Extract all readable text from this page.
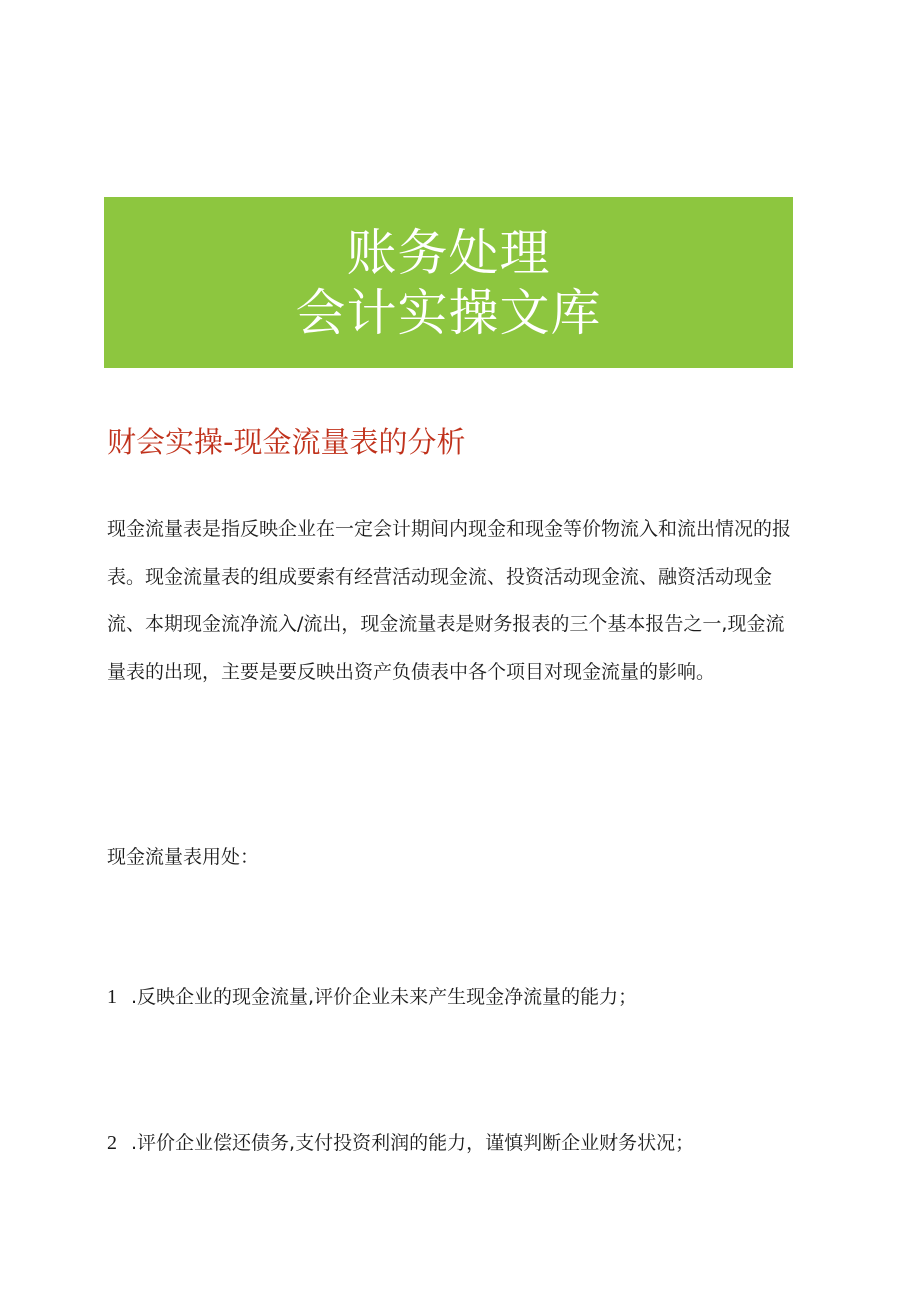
账务处理
会计实操文库
财会实操-现金流量表的分析

现金流量表是指反映企业在一定会计期间内现金和现金等价物流入和流出情况的报表。现金流量表的组成要索有经营活动现金流、投资活动现金流、融资活动现金流、本期现金流净流入/流出，现金流量表是财务报表的三个基本报告之一,现金流量表的出现，主要是要反映出资产负债表中各个项目对现金流量的影响。

现金流量表用处：

1 .反映企业的现金流量,评价企业未来产生现金净流量的能力；
2 .评价企业偿还债务,支付投资利润的能力，谨慎判断企业财务状况；
